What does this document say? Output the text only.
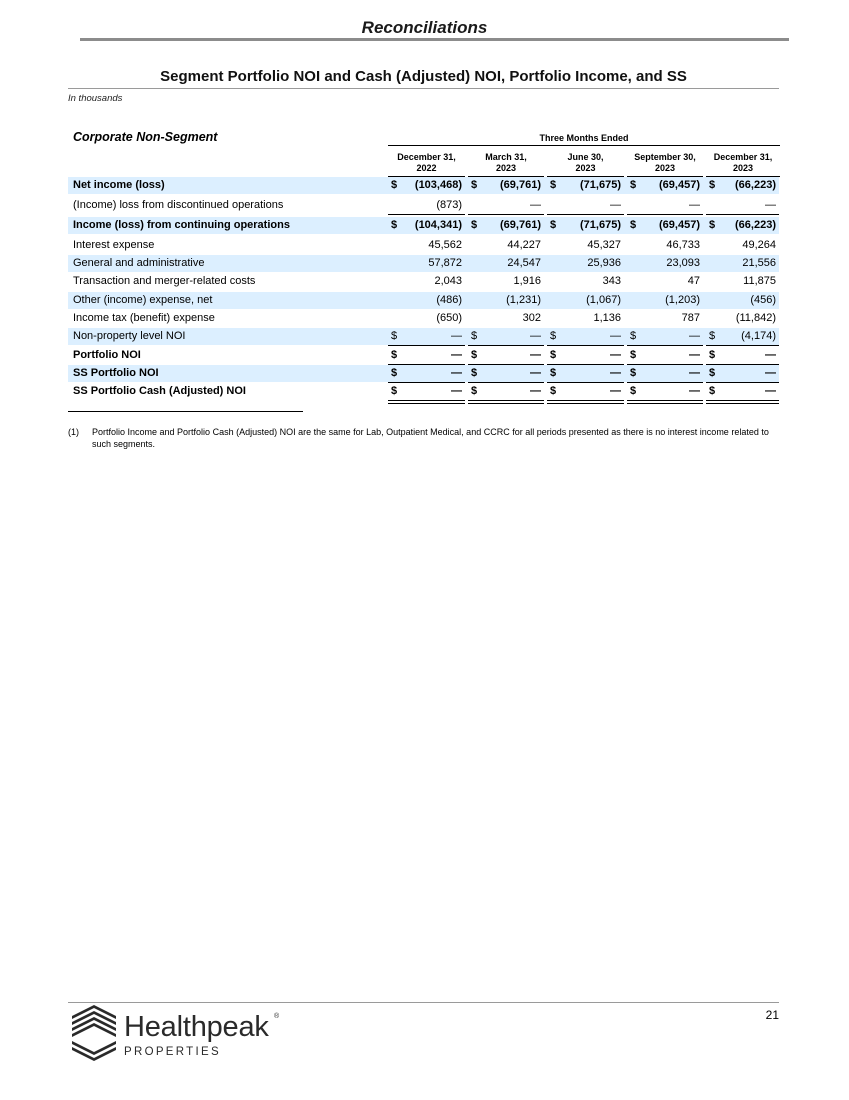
Reconciliations
Segment Portfolio NOI and Cash (Adjusted) NOI, Portfolio Income, and SS
In thousands
Corporate Non-Segment	Three Months Ended
December 31,
2022
March 31,
2023
June 30,
2023
September 30,
2023
December 31,
2023
Net income (loss)	$ (103,468) $ (69,761) $ (71,675) $ (69,457) $ (66,223)
(Income) loss from discontinued operations	(873)	—	—	—	—
Income (loss) from continuing operations	$ (104,341) $ (69,761) $ (71,675) $ (69,457) $ (66,223)
Interest expense	45,562	44,227	45,327	46,733	49,264
General and administrative	57,872	24,547	25,936	23,093	21,556
Transaction and merger-related costs	2,043	1,916	343	47	11,875
Other (income) expense, net	(486)	(1,231)	(1,067)	(1,203)	(456)
Income tax (benefit) expense	(650)	302	1,136	787	(11,842)
Non-property level NOI	$	— $	— $	— $	— $ (4,174)
Portfolio NOI	$	— $	— $	— $	— $	—
SS Portfolio NOI	$	— $	— $	— $	— $	—
SS Portfolio Cash (Adjusted) NOI	$	— $	— $	— $	— $	—
(1) Portfolio Income and Portfolio Cash (Adjusted) NOI are the same for Lab, Outpatient Medical, and CCRC for all periods presented as there is no interest income related to such segments.
21
Healthpeak ®
PROPERTIES
